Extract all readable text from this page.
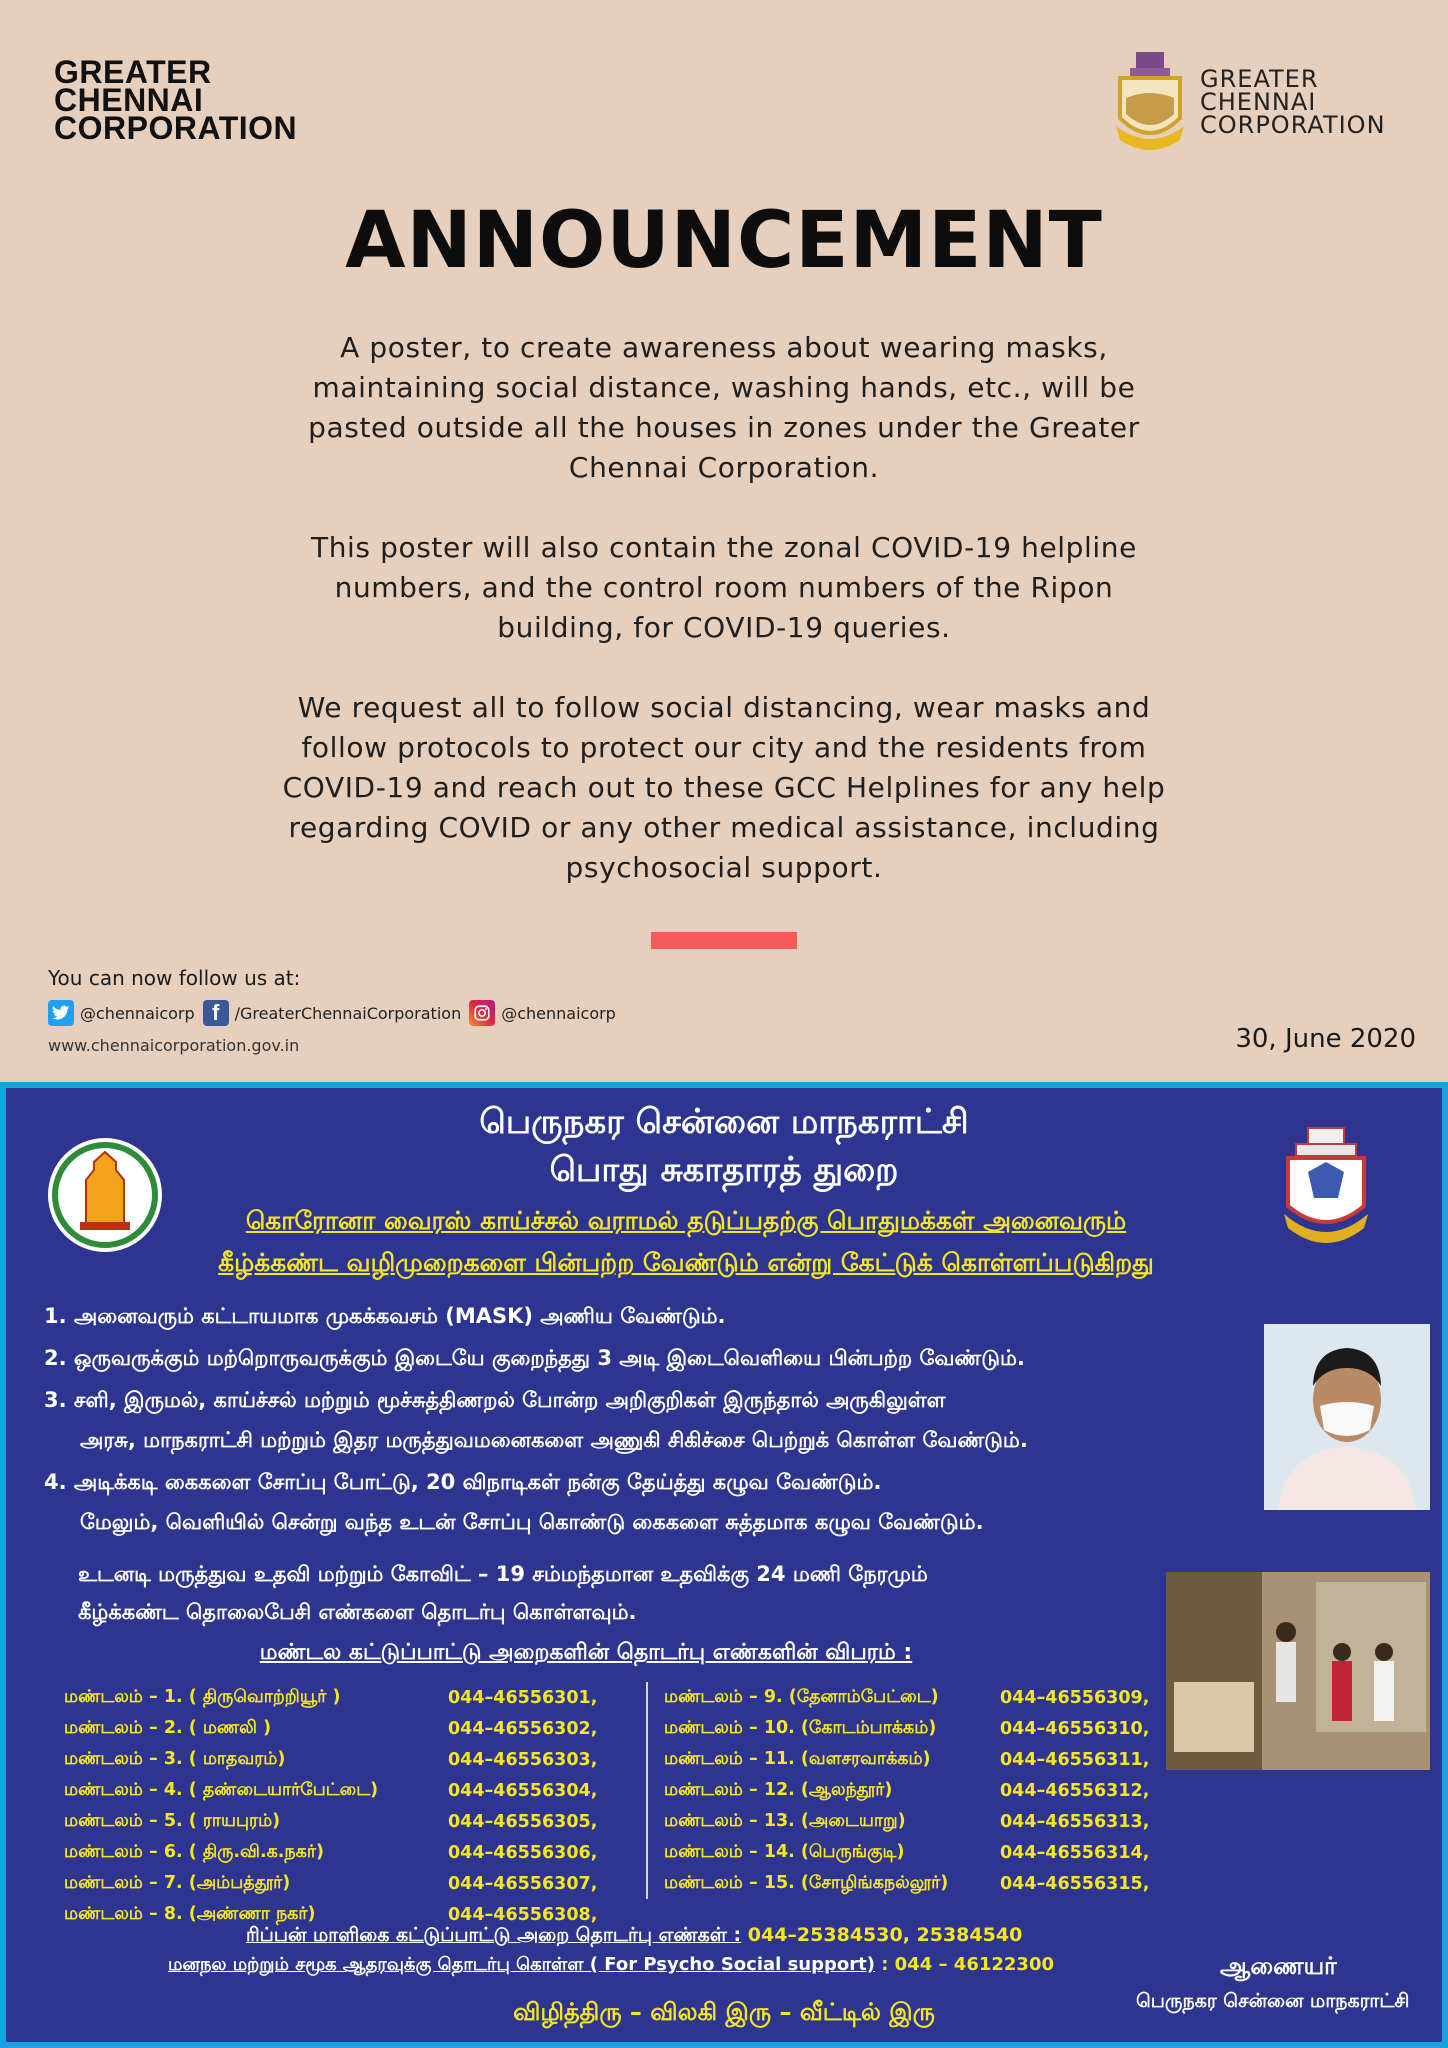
GREATER
CHENNAI
CORPORATION
GREATER
CHENNAI
CORPORATION
ANNOUNCEMENT

A poster, to create awareness about wearing masks, maintaining social distance, washing hands, etc., will be pasted outside all the houses in zones under the Greater Chennai Corporation.

This poster will also contain the zonal COVID-19 helpline numbers, and the control room numbers of the Ripon building, for COVID-19 queries.

We request all to follow social distancing, wear masks and follow protocols to protect our city and the residents from COVID-19 and reach out to these GCC Helplines for any help regarding COVID or any other medical assistance, including psychosocial support.

You can now follow us at:
@chennaicorp f /GreaterChennaiCorporation	@chennaicorp
www.chennaicorporation.gov.in	30, June 2020
பெருநகர சென்னை மாநகராட்சி
பொது சுகாதாரத் துறை
கொரோனா வைரஸ் காய்ச்சல் வராமல் தடுப்பதற்கு பொதுமக்கள் அனைவரும்
கீழ்க்கண்ட வழிமுறைகளை பின்பற்ற வேண்டும் என்று கேட்டுக் கொள்ளப்படுகிறது
1. அனைவரும் கட்டாயமாக முகக்கவசம் (MASK) அணிய வேண்டும்.
2. ஒருவருக்கும் மற்றொருவருக்கும் இடையே குறைந்தது 3 அடி இடைவெளியை பின்பற்ற வேண்டும்.
3. சளி, இருமல், காய்ச்சல் மற்றும் மூச்சுத்திணறல் போன்ற அறிகுறிகள் இருந்தால் அருகிலுள்ள
அரசு, மாநகராட்சி மற்றும் இதர மருத்துவமனைகளை அணுகி சிகிச்சை பெற்றுக் கொள்ள வேண்டும்.
4. அடிக்கடி கைகளை சோப்பு போட்டு, 20 விநாடிகள் நன்கு தேய்த்து கழுவ வேண்டும்.
மேலும், வெளியில் சென்று வந்த உடன் சோப்பு கொண்டு கைகளை சுத்தமாக கழுவ வேண்டும்.
உடனடி மருத்துவ உதவி மற்றும் கோவிட் – 19 சம்மந்தமான உதவிக்கு 24 மணி நேரமும்
கீழ்க்கண்ட தொலைபேசி எண்களை தொடர்பு கொள்ளவும்.
மண்டல கட்டுப்பாட்டு அறைகளின் தொடர்பு எண்களின் விபரம் :
மண்டலம் – 1. ( திருவொற்றியூர் )	044–46556301,
மண்டலம் – 2. ( மணலி )	044–46556302,
மண்டலம் – 3. ( மாதவரம்)	044–46556303,
மண்டலம் – 4. ( தண்டையார்பேட்டை)	044–46556304,
மண்டலம் – 5. ( ராயபுரம்)	044–46556305,
மண்டலம் – 6. ( திரு.வி.க.நகர்)	044–46556306,
மண்டலம் – 7. (அம்பத்தூர்)	044–46556307,
மண்டலம் – 8. (அண்ணா நகர்)	044–46556308,
மண்டலம் – 9. (தேனாம்பேட்டை)	044–46556309,
மண்டலம் – 10. (கோடம்பாக்கம்)	044–46556310,
மண்டலம் – 11. (வளசரவாக்கம்)	044–46556311,
மண்டலம் – 12. (ஆலந்தூர்)	044–46556312,
மண்டலம் – 13. (அடையாறு)	044–46556313,
மண்டலம் – 14. (பெருங்குடி)	044–46556314,
மண்டலம் – 15. (சோழிங்கநல்லூர்)	044–46556315,
ரிப்பன் மாளிகை கட்டுப்பாட்டு அறை தொடர்பு எண்கள் : 044–25384530, 25384540
மனநல மற்றும் சமூக ஆதரவுக்கு தொடர்பு கொள்ள ( For Psycho Social support) : 044 – 46122300	ஆணையர்
பெருநகர சென்னை மாநகராட்சி
விழித்திரு – விலகி இரு – வீட்டில் இரு
